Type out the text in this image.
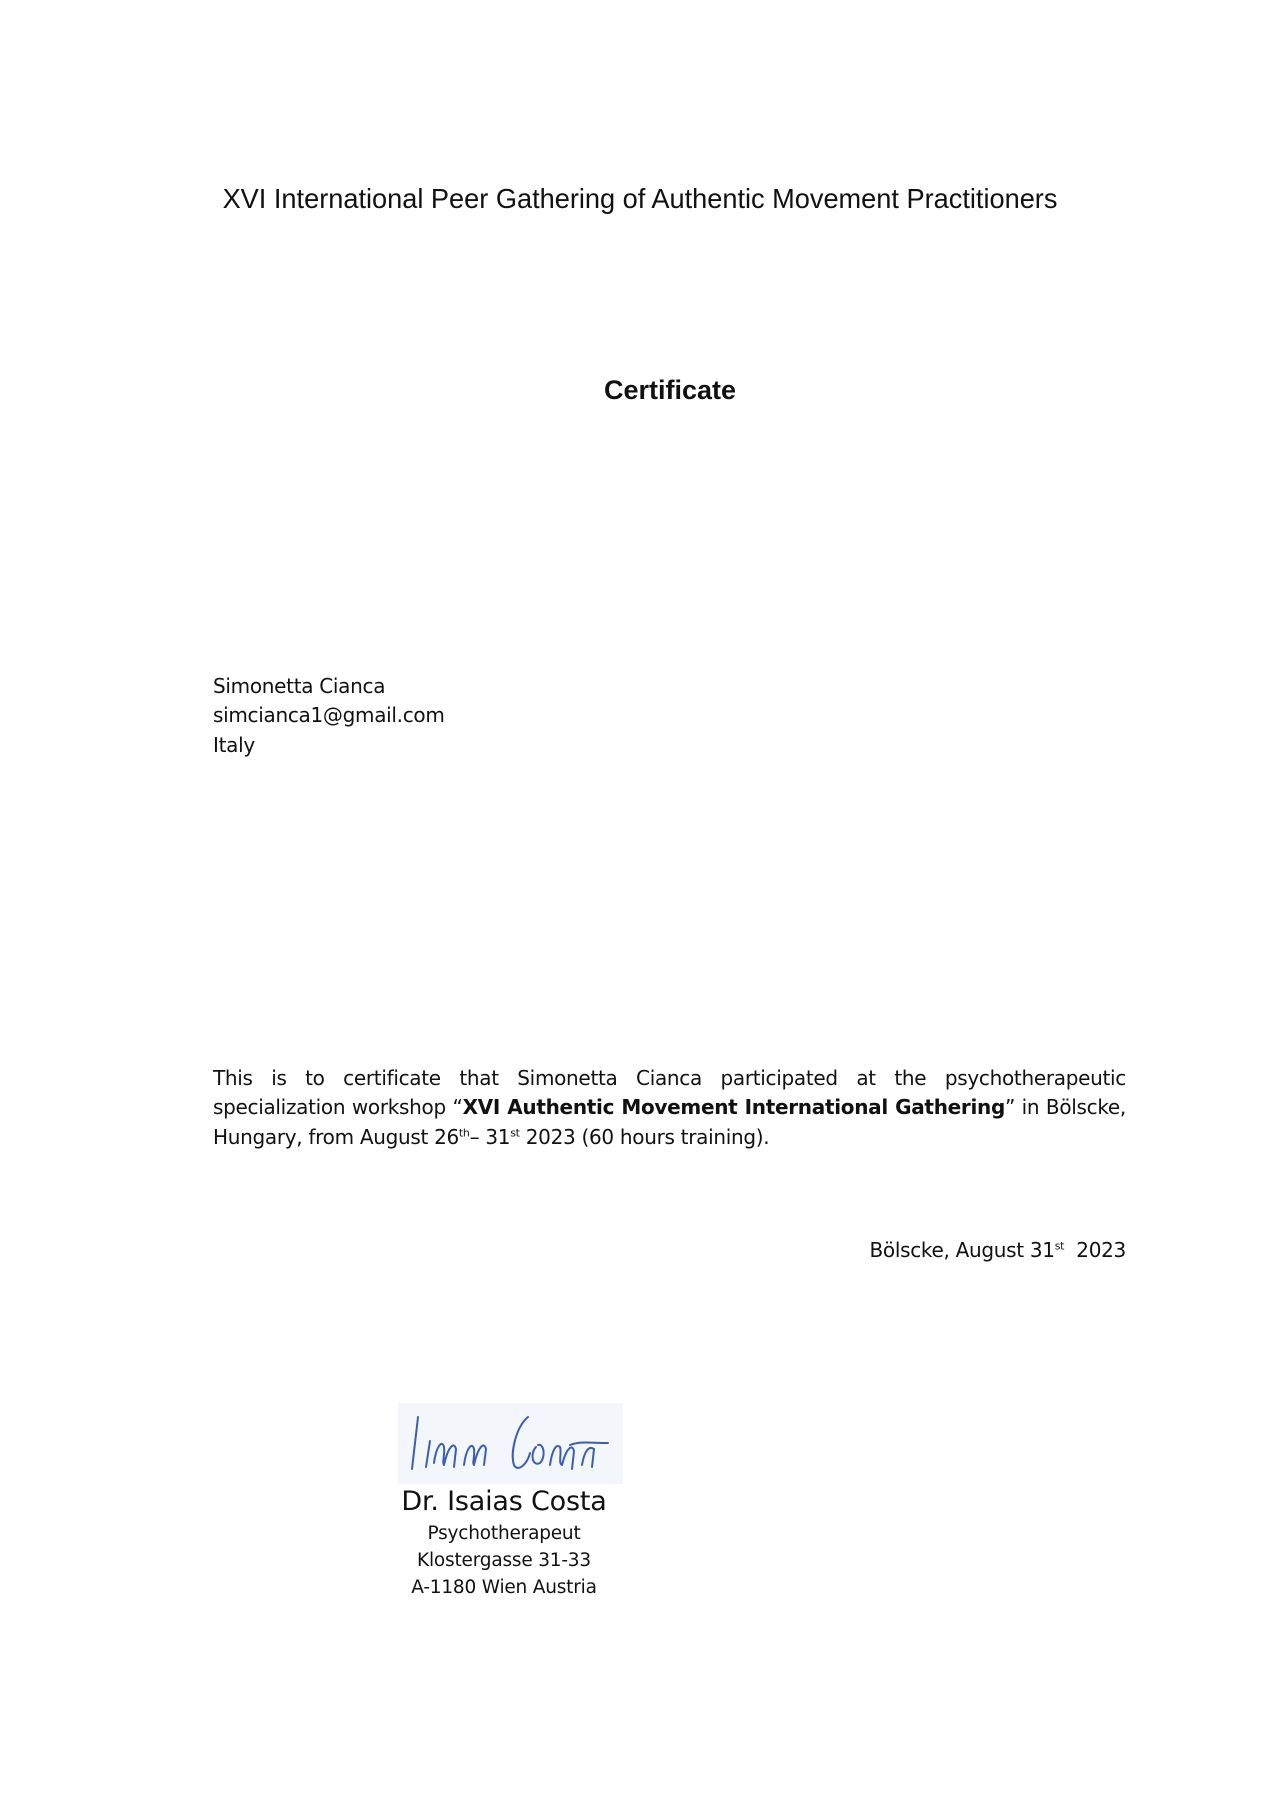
XVI International Peer Gathering of Authentic Movement Practitioners
Certificate
Simonetta Cianca
simcianca1@gmail.com
Italy
This is to certificate that Simonetta Cianca participated at the psychotherapeutic specialization workshop “XVI Authentic Movement International Gathering” in Bölscke, Hungary, from August 26th– 31st 2023 (60 hours training).
Bölscke, August 31st  2023
Dr. Isaias Costa
Psychotherapeut
Klostergasse 31-33
A-1180 Wien Austria
